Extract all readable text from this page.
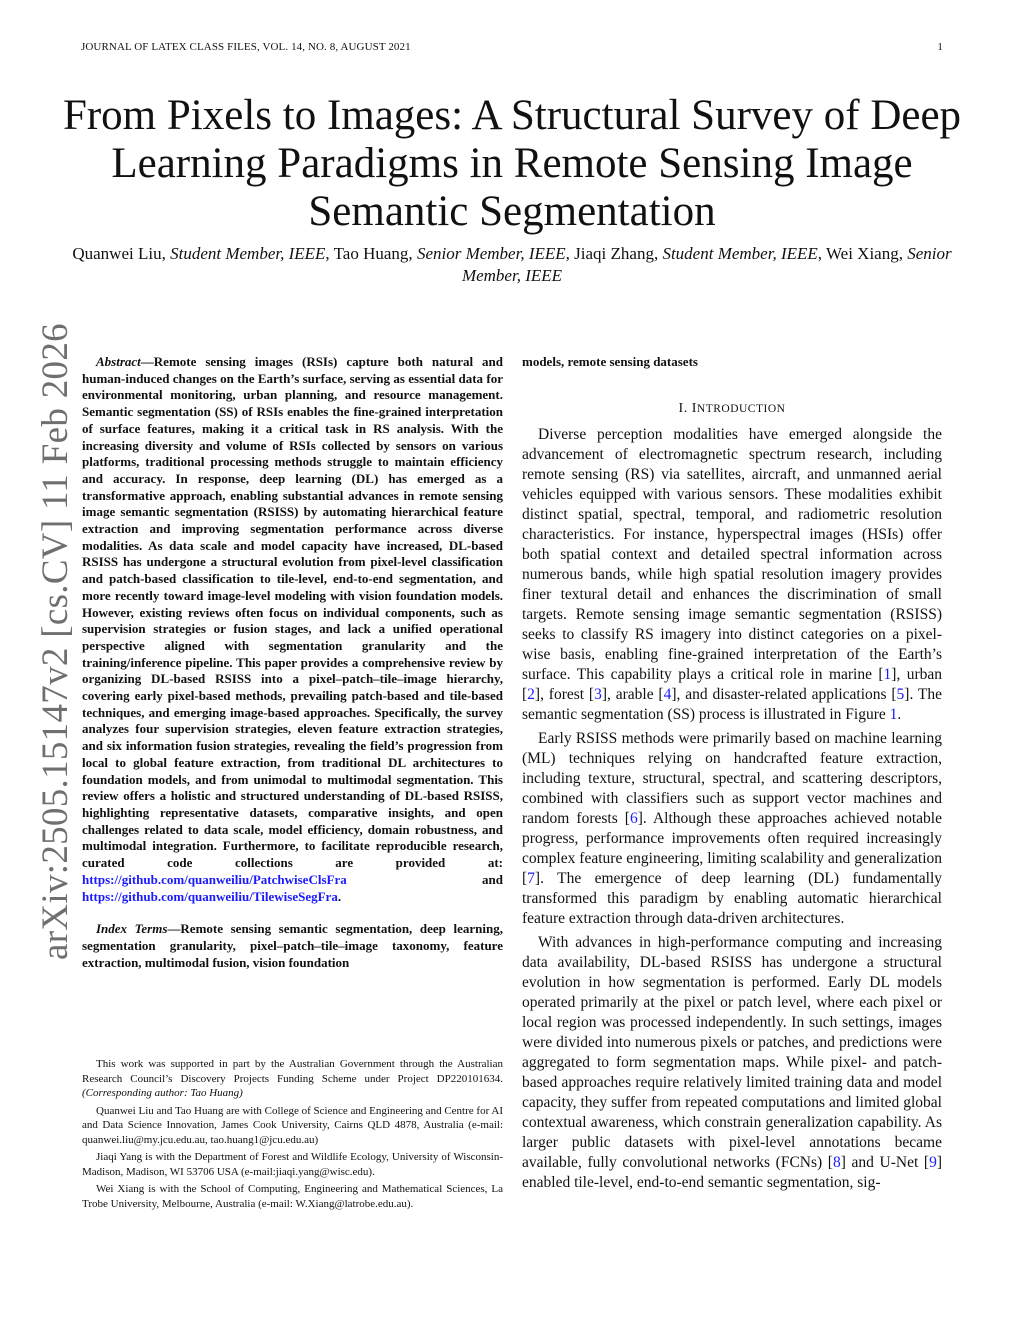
JOURNAL OF LATEX CLASS FILES, VOL. 14, NO. 8, AUGUST 2021	1
arXiv:2505.15147v2 [cs.CV] 11 Feb 2026
From Pixels to Images: A Structural Survey of Deep Learning Paradigms in Remote Sensing Image Semantic Segmentation
Quanwei Liu, Student Member, IEEE, Tao Huang, Senior Member, IEEE, Jiaqi Zhang, Student Member, IEEE, Wei Xiang, Senior Member, IEEE

Abstract—Remote sensing images (RSIs) capture both natural and human-induced changes on the Earth’s surface, serving as essential data for environmental monitoring, urban planning, and resource management. Semantic segmentation (SS) of RSIs enables the fine-grained interpretation of surface features, making it a critical task in RS analysis. With the increasing diversity and volume of RSIs collected by sensors on various platforms, traditional processing methods struggle to maintain efficiency and accuracy. In response, deep learning (DL) has emerged as a transformative approach, enabling substantial advances in remote sensing image semantic segmentation (RSISS) by automating hierarchical feature extraction and improving segmentation performance across diverse modalities. As data scale and model capacity have increased, DL-based RSISS has undergone a structural evolution from pixel-level classification and patch-based classification to tile-level, end-to-end segmentation, and more recently toward image-level modeling with vision foundation models. However, existing reviews often focus on individual components, such as supervision strategies or fusion stages, and lack a unified operational perspective aligned with segmentation granularity and the training/inference pipeline. This paper provides a comprehensive review by organizing DL-based RSISS into a pixel–patch–tile–image hierarchy, covering early pixel-based methods, prevailing patch-based and tile-based techniques, and emerging image-based approaches. Specifically, the survey analyzes four supervision strategies, eleven feature extraction strategies, and six information fusion strategies, revealing the field’s progression from local to global feature extraction, from traditional DL architectures to foundation models, and from unimodal to multimodal segmentation. This review offers a holistic and structured understanding of DL-based RSISS, highlighting representative datasets, comparative insights, and open challenges related to data scale, model efficiency, domain robustness, and multimodal integration. Furthermore, to facilitate reproducible research, curated code collections are provided at: https://github.com/quanweiliu/PatchwiseClsFra and https://github.com/quanweiliu/TilewiseSegFra.

Index Terms—Remote sensing semantic segmentation, deep learning, segmentation granularity, pixel–patch–tile–image taxonomy, feature extraction, multimodal fusion, vision foundation

This work was supported in part by the Australian Government through the Australian Research Council’s Discovery Projects Funding Scheme under Project DP220101634.(Corresponding author: Tao Huang)

Quanwei Liu and Tao Huang are with College of Science and Engineering and Centre for AI and Data Science Innovation, James Cook University, Cairns QLD 4878, Australia (e-mail: quanwei.liu@my.jcu.edu.au, tao.huang1@jcu.edu.au)

Jiaqi Yang is with the Department of Forest and Wildlife Ecology, University of Wisconsin-Madison, Madison, WI 53706 USA (e-mail:jiaqi.yang@wisc.edu).

Wei Xiang is with the School of Computing, Engineering and Mathematical Sciences, La Trobe University, Melbourne, Australia (e-mail: W.Xiang@latrobe.edu.au).

models, remote sensing datasets

I. INTRODUCTION

Diverse perception modalities have emerged alongside the advancement of electromagnetic spectrum research, including remote sensing (RS) via satellites, aircraft, and unmanned aerial vehicles equipped with various sensors. These modalities exhibit distinct spatial, spectral, temporal, and radiometric resolution characteristics. For instance, hyperspectral images (HSIs) offer both spatial context and detailed spectral information across numerous bands, while high spatial resolution imagery provides finer textural detail and enhances the discrimination of small targets. Remote sensing image semantic segmentation (RSISS) seeks to classify RS imagery into distinct categories on a pixel-wise basis, enabling fine-grained interpretation of the Earth’s surface. This capability plays a critical role in marine [1], urban [2], forest [3], arable [4], and disaster-related applications [5]. The semantic segmentation (SS) process is illustrated in Figure 1.

Early RSISS methods were primarily based on machine learning (ML) techniques relying on handcrafted feature extraction, including texture, structural, spectral, and scattering descriptors, combined with classifiers such as support vector machines and random forests [6]. Although these approaches achieved notable progress, performance improvements often required increasingly complex feature engineering, limiting scalability and generalization [7]. The emergence of deep learning (DL) fundamentally transformed this paradigm by enabling automatic hierarchical feature extraction through data-driven architectures.

With advances in high-performance computing and increasing data availability, DL-based RSISS has undergone a structural evolution in how segmentation is performed. Early DL models operated primarily at the pixel or patch level, where each pixel or local region was processed independently. In such settings, images were divided into numerous pixels or patches, and predictions were aggregated to form segmentation maps. While pixel- and patch-based approaches require relatively limited training data and model capacity, they suffer from repeated computations and limited global contextual awareness, which constrain generalization capability. As larger public datasets with pixel-level annotations became available, fully convolutional networks (FCNs) [8] and U-Net [9] enabled tile-level, end-to-end semantic segmentation, sig-
